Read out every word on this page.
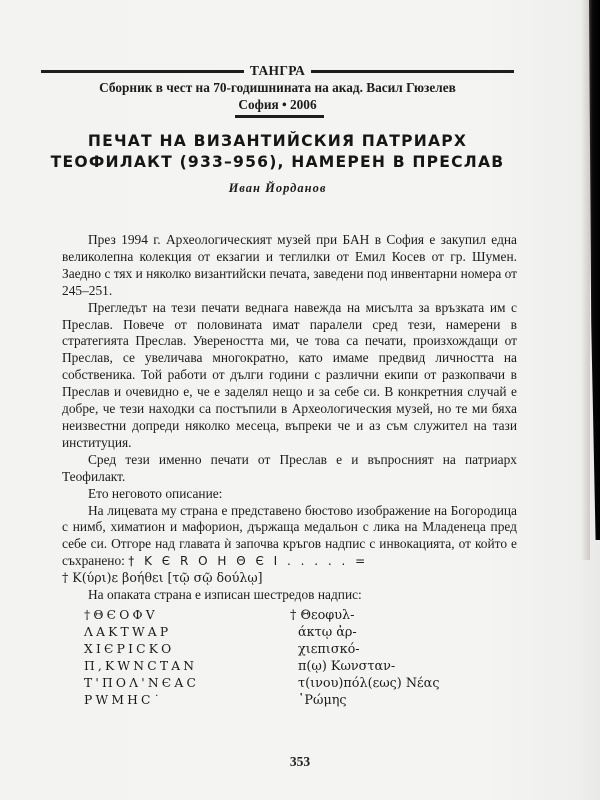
ТАНГРА
Сборник в чест на 70-годишнината на акад. Васил Гюзелев
София • 2006
ПЕЧАТ НА ВИЗАНТИЙСКИЯ ПАТРИАРХ
ТЕОФИЛАКТ (933–956), НАМЕРЕН В ПРЕСЛАВ
Иван Йорданов

През 1994 г. Археологическият музей при БАН в София е закупил една великолепна колекция от екзагии и теглилки от Емил Косев от гр. Шумен. Заедно с тях и няколко византийски печата, заведени под инвентарни номера от 245–251.

Прегледът на тези печати веднага навежда на мисълта за връзката им с Преслав. Повече от половината имат паралели сред тези, намерени в стратегията Преслав. Увереността ми, че това са печати, произхождащи от Преслав, се увеличава многократно, като имаме предвид личността на собственика. Той работи от дълги години с различни екипи от разкопвачи в Преслав и очевидно е, че е заделял нещо и за себе си. В конкретния случай е добре, че тези находки са постъпили в Археологическия музей, но те ми бяха неизвестни допреди няколко месеца, въпреки че и аз съм служител на тази институция.

Сред тези именно печати от Преслав е и въпросният на патриарх Теофилакт.

Ето неговото описание:

На лицевата му страна е представено бюстово изображение на Богородица с нимб, химатион и мафорион, държаща медальон с лика на Младенеца пред себе си. Отгоре над главата ѝ започва кръгов надпис с инвокацията, от който е съхранено: † Κ Є R O H Θ Є I . . . . . =

† Κ(ύρι)ε βοήθει [τῷ σῷ δούλῳ]

На опаката страна е изписан шестредов надпис:

†ΘЄΟΦV
ΛΑΚΤWΑΡ
ΧΙЄΡΙϹΚΟ
Π,ΚWΝϹΤΑΝ
Τ'ΠΟΛ'ΝЄΑϹ
ΡWΜΗϹ˙
† Θεοφυλ-
άκτῳ ἀρ-
χιεπισκό-
π(ῳ) Κωνσταν-
τ(ινου)πόλ(εως) Νέας
῾Ρώμης
353
